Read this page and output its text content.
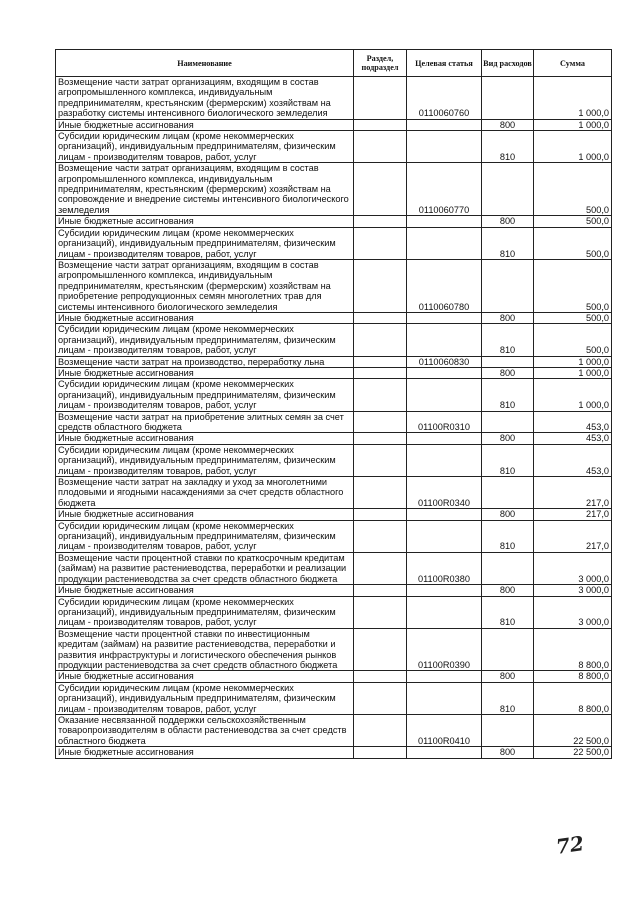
Наименование	Раздел, подраздел	Целевая статья	Вид расходов	Сумма
Возмещение части затрат организациям, входящим в состав агропромышленного комплекса, индивидуальным предпринимателям, крестьянским (фермерским) хозяйствам на разработку системы интенсивного биологического земледелия		0110060760		1 000,0
Иные бюджетные ассигнования			800	1 000,0
Субсидии юридическим лицам (кроме некоммерческих организаций), индивидуальным предпринимателям, физическим лицам - производителям товаров, работ, услуг			810	1 000,0
Возмещение части затрат организациям, входящим в состав агропромышленного комплекса, индивидуальным предпринимателям, крестьянским (фермерским) хозяйствам на сопровождение и внедрение системы интенсивного биологического земледелия		0110060770		500,0
Иные бюджетные ассигнования			800	500,0
Субсидии юридическим лицам (кроме некоммерческих организаций), индивидуальным предпринимателям, физическим лицам - производителям товаров, работ, услуг			810	500,0
Возмещение части затрат организациям, входящим в состав агропромышленного комплекса, индивидуальным предпринимателям, крестьянским (фермерским) хозяйствам на приобретение репродукционных семян многолетних трав для системы интенсивного биологического земледелия		0110060780		500,0
Иные бюджетные ассигнования			800	500,0
Субсидии юридическим лицам (кроме некоммерческих организаций), индивидуальным предпринимателям, физическим лицам - производителям товаров, работ, услуг			810	500,0
Возмещение части затрат на производство, переработку льна		0110060830		1 000,0
Иные бюджетные ассигнования			800	1 000,0
Субсидии юридическим лицам (кроме некоммерческих организаций), индивидуальным предпринимателям, физическим лицам - производителям товаров, работ, услуг			810	1 000,0
Возмещение части затрат на приобретение элитных семян за счет средств областного бюджета		01100R0310		453,0
Иные бюджетные ассигнования			800	453,0
Субсидии юридическим лицам (кроме некоммерческих организаций), индивидуальным предпринимателям, физическим лицам - производителям товаров, работ, услуг			810	453,0
Возмещение части затрат на закладку и уход за многолетними плодовыми и ягодными насаждениями за счет средств областного бюджета		01100R0340		217,0
Иные бюджетные ассигнования			800	217,0
Субсидии юридическим лицам (кроме некоммерческих организаций), индивидуальным предпринимателям, физическим лицам - производителям товаров, работ, услуг			810	217,0
Возмещение части процентной ставки по краткосрочным кредитам (займам) на развитие растениеводства, переработки и реализации продукции растениеводства за счет средств областного бюджета		01100R0380		3 000,0
Иные бюджетные ассигнования			800	3 000,0
Субсидии юридическим лицам (кроме некоммерческих организаций), индивидуальным предпринимателям, физическим лицам - производителям товаров, работ, услуг			810	3 000,0
Возмещение части процентной ставки по инвестиционным кредитам (займам) на развитие растениеводства, переработки и развития инфраструктуры и логистического обеспечения рынков продукции растениеводства за счет средств областного бюджета		01100R0390		8 800,0
Иные бюджетные ассигнования			800	8 800,0
Субсидии юридическим лицам (кроме некоммерческих организаций), индивидуальным предпринимателям, физическим лицам - производителям товаров, работ, услуг			810	8 800,0
Оказание несвязанной поддержки сельскохозяйственным товаропроизводителям в области растениеводства за счет средств областного бюджета		01100R0410		22 500,0
Иные бюджетные ассигнования			800	22 500,0
72
